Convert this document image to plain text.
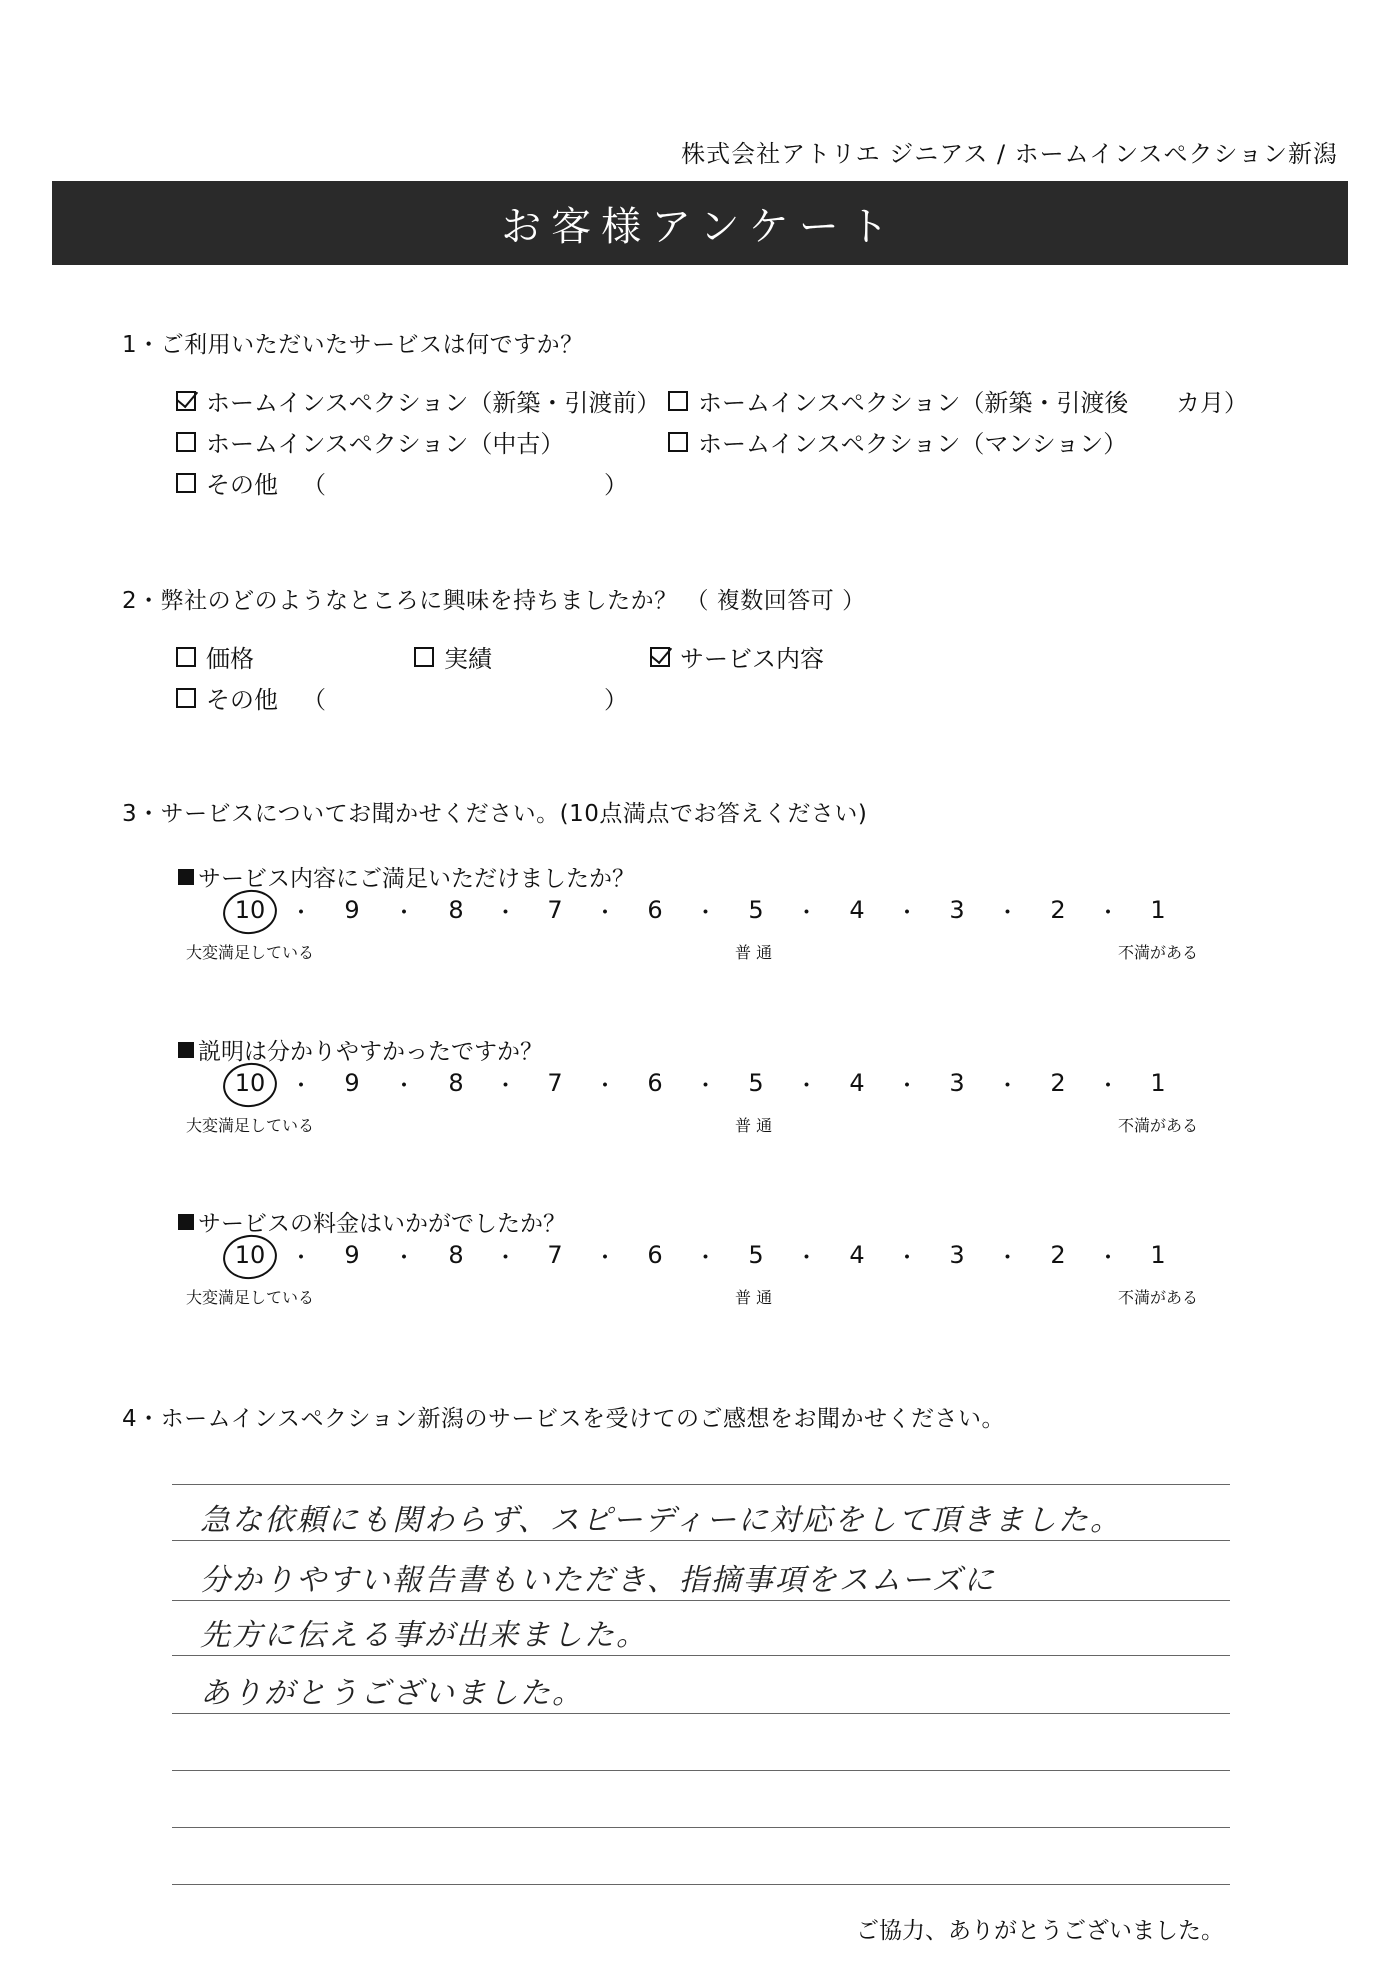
株式会社アトリエ ジニアス / ホームインスペクション新潟
お客様アンケート
1・ご利用いただいたサービスは何ですか？
ホームインスペクション（新築・引渡前） ホームインスペクション（新築・引渡後 カ月）
ホームインスペクション（中古）	ホームインスペクション（マンション）
その他 （	）
2・弊社のどのようなところに興味を持ちましたか？ （ 複数回答可 ）
価格	実績	サービス内容
その他 （	）
3・サービスについてお聞かせください。(10点満点でお答えください)
サービス内容にご満足いただけましたか？
10 ・	9	・	8	・	7	・	6	・	5	・	4	・	3	・	2	・	1
大変満足している	普 通	不満がある
説明は分かりやすかったですか？
10 ・	9	・	8	・	7	・	6	・	5	・	4	・	3	・	2	・	1
大変満足している	普 通	不満がある
サービスの料金はいかがでしたか？
10 ・	9	・	8	・	7	・	6	・	5	・	4	・	3	・	2	・	1
大変満足している	普 通	不満がある
4・ホームインスペクション新潟のサービスを受けてのご感想をお聞かせください。
急な依頼にも関わらず、スピーディーに対応をして頂きました。
分かりやすい報告書もいただき、指摘事項をスムーズに
先方に伝える事が出来ました。
ありがとうございました。
ご協力、ありがとうございました。
